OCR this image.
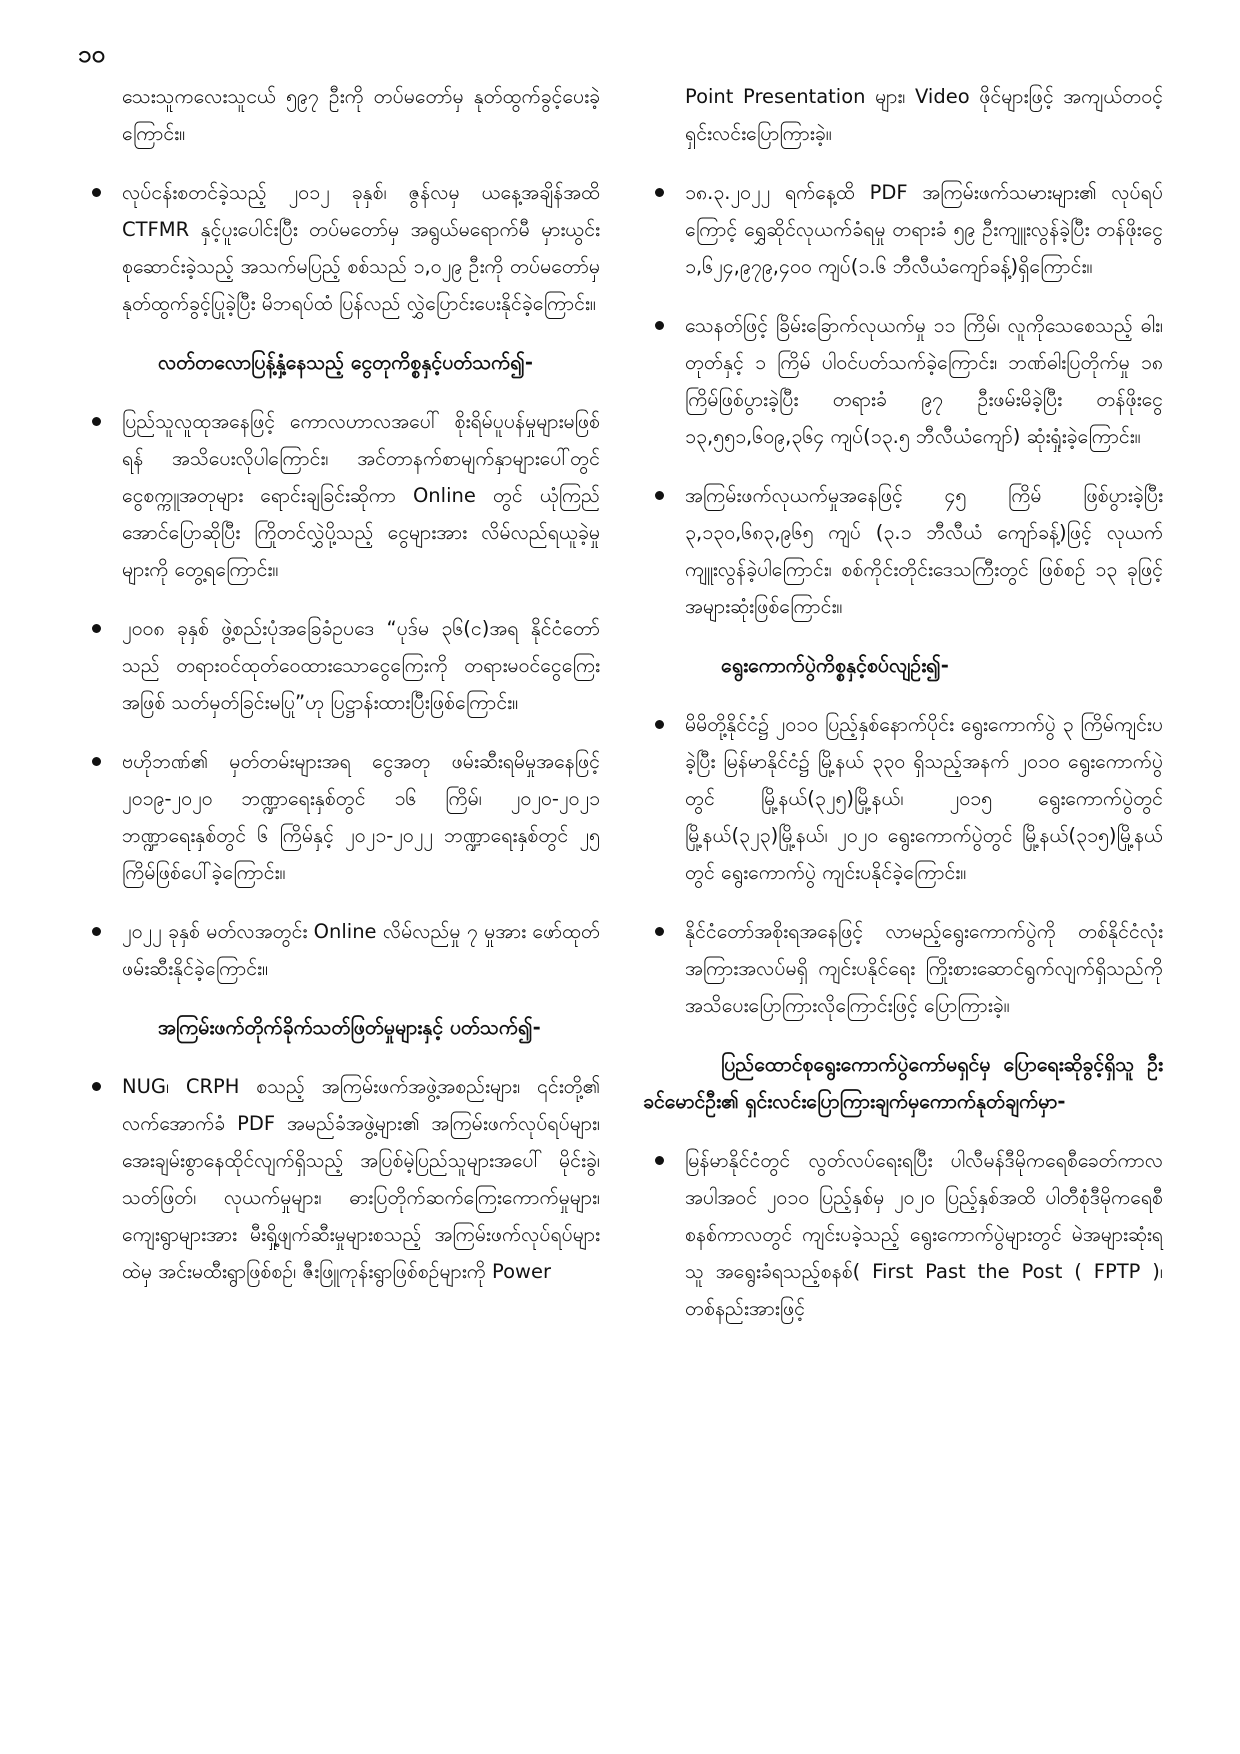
၁၀
သေးသူကလေးသူငယ် ၅၉၇ ဦးကို တပ်မတော်မှ နုတ်ထွက်ခွင့်ပေးခဲ့ကြောင်း။
လုပ်ငန်းစတင်ခဲ့သည့် ၂၀၁၂ ခုနှစ်၊ ဇွန်လမှ ယနေ့အချိန်အထိ CTFMR နှင့်ပူးပေါင်းပြီး တပ်မတော်မှ အရွယ်မရောက်မီ မှားယွင်းစုဆောင်းခဲ့သည့် အသက်မပြည့် စစ်သည် ၁,၀၂၉ ဦးကို တပ်မတော်မှ နုတ်ထွက်ခွင့်ပြုခဲ့ပြီး မိဘရပ်ထံ ပြန်လည် လွှဲပြောင်းပေးနိုင်ခဲ့ကြောင်း။
လတ်တလောပြန့်နှံ့နေသည့် ငွေတုကိစ္စနှင့်ပတ်သက်၍-
ပြည်သူလူထုအနေဖြင့် ကောလဟာလအပေါ် စိုးရိမ်ပူပန်မှုများမဖြစ်ရန် အသိပေးလိုပါကြောင်း၊ အင်တာနက်စာမျက်နှာများပေါ်တွင် ငွေစက္ကူအတုများ ရောင်းချခြင်းဆိုကာ Online တွင် ယုံကြည်အောင်ပြောဆိုပြီး ကြိုတင်လွှဲပို့သည့် ငွေများအား လိမ်လည်ရယူခဲ့မှုများကို တွေ့ရကြောင်း။
၂၀၀၈ ခုနှစ် ဖွဲ့စည်းပုံအခြေခံဥပဒေ “ပုဒ်မ ၃၆(င)အရ နိုင်ငံတော်သည် တရားဝင်ထုတ်ဝေထားသောငွေကြေးကို တရားမဝင်ငွေကြေးအဖြစ် သတ်မှတ်ခြင်းမပြု”ဟု ပြဋ္ဌာန်းထားပြီးဖြစ်ကြောင်း။
ဗဟိုဘဏ်၏ မှတ်တမ်းများအရ ငွေအတု ဖမ်းဆီးရမိမှုအနေဖြင့် ၂၀၁၉-၂၀၂၀ ဘဏ္ဍာရေးနှစ်တွင် ၁၆ ကြိမ်၊ ၂၀၂၀-၂၀၂၁ ဘဏ္ဍာရေးနှစ်တွင် ၆ ကြိမ်နှင့် ၂၀၂၁-၂၀၂၂ ဘဏ္ဍာရေးနှစ်တွင် ၂၅ ကြိမ်ဖြစ်ပေါ်ခဲ့ကြောင်း။
၂၀၂၂ ခုနှစ် မတ်လအတွင်း Online လိမ်လည်မှု ၇ မှုအား ဖော်ထုတ်ဖမ်းဆီးနိုင်ခဲ့ကြောင်း။
အကြမ်းဖက်တိုက်ခိုက်သတ်ဖြတ်မှုများနှင့် ပတ်သက်၍-
NUG၊ CRPH စသည့် အကြမ်းဖက်အဖွဲ့အစည်းများ၊ ၎င်းတို့၏ လက်အောက်ခံ PDF အမည်ခံအဖွဲ့များ၏ အကြမ်းဖက်လုပ်ရပ်များ၊ အေးချမ်းစွာနေထိုင်လျက်ရှိသည့် အပြစ်မဲ့ပြည်သူများအပေါ် မိုင်းခွဲ၊ သတ်ဖြတ်၊ လုယက်မှုများ၊ ဓားပြတိုက်ဆက်ကြေးကောက်မှုများ၊ ကျေးရွာများအား မီးရှို့ဖျက်ဆီးမှုများစသည့် အကြမ်းဖက်လုပ်ရပ်များထဲမှ အင်းမထီးရွာဖြစ်စဉ်၊ ဇီးဖြူကုန်းရွာဖြစ်စဉ်များကို Power
Point Presentation များ၊ Video ဖိုင်များဖြင့် အကျယ်တဝင့်ရှင်းလင်းပြောကြားခဲ့။
၁၈.၃.၂၀၂၂ ရက်နေ့ထိ PDF အကြမ်းဖက်သမားများ၏ လုပ်ရပ်ကြောင့် ရွှေဆိုင်လုယက်ခံရမှု တရားခံ ၅၉ ဦးကျူးလွန်ခဲ့ပြီး တန်ဖိုးငွေ ၁,၆၂၄,၉၇၉,၄၀၀ ကျပ်(၁.၆ ဘီလီယံကျော်ခန့်)ရှိကြောင်း။
သေနတ်ဖြင့် ခြိမ်းခြောက်လုယက်မှု ၁၁ ကြိမ်၊ လူကိုသေစေသည့် ဓါး၊ တုတ်နှင့် ၁ ကြိမ် ပါဝင်ပတ်သက်ခဲ့ကြောင်း၊ ဘဏ်ဓါးပြတိုက်မှု ၁၈ ကြိမ်ဖြစ်ပွားခဲ့ပြီး တရားခံ ၉၇ ဦးဖမ်းမိခဲ့ပြီး တန်ဖိုးငွေ ၁၃,၅၅၁,၆၀၉,၃၆၄ ကျပ်(၁၃.၅ ဘီလီယံကျော်) ဆုံးရှုံးခဲ့ကြောင်း။
အကြမ်းဖက်လုယက်မှုအနေဖြင့် ၄၅ ကြိမ် ဖြစ်ပွားခဲ့ပြီး ၃,၁၃၀,၆၈၃,၉၆၅ ကျပ် (၃.၁ ဘီလီယံ ကျော်ခန့်)ဖြင့် လုယက်ကျူးလွန်ခဲ့ပါကြောင်း၊ စစ်ကိုင်းတိုင်းဒေသကြီးတွင် ဖြစ်စဉ် ၁၃ ခုဖြင့် အများဆုံးဖြစ်ကြောင်း။
ရွေးကောက်ပွဲကိစ္စနှင့်စပ်လျဉ်း၍-
မိမိတို့နိုင်ငံ၌ ၂၀၁၀ ပြည့်နှစ်နောက်ပိုင်း ရွေးကောက်ပွဲ ၃ ကြိမ်ကျင်းပခဲ့ပြီး မြန်မာနိုင်ငံ၌ မြို့နယ် ၃၃၀ ရှိသည့်အနက် ၂၀၁၀ ရွေးကောက်ပွဲတွင် မြို့နယ်(၃၂၅)မြို့နယ်၊ ၂၀၁၅ ရွေးကောက်ပွဲတွင် မြို့နယ်(၃၂၃)မြို့နယ်၊ ၂၀၂၀ ရွေးကောက်ပွဲတွင် မြို့နယ်(၃၁၅)မြို့နယ်တွင် ရွေးကောက်ပွဲ ကျင်းပနိုင်ခဲ့ကြောင်း။
နိုင်ငံတော်အစိုးရအနေဖြင့် လာမည့်ရွေးကောက်ပွဲကို တစ်နိုင်ငံလုံး အကြားအလပ်မရှိ ကျင်းပနိုင်ရေး ကြိုးစားဆောင်ရွက်လျက်ရှိသည်ကို အသိပေးပြောကြားလိုကြောင်းဖြင့် ပြောကြားခဲ့။
ပြည်ထောင်စုရွေးကောက်ပွဲကော်မရှင်မှ ပြောရေးဆိုခွင့်ရှိသူ ဦးခင်မောင်ဦး၏ ရှင်းလင်းပြောကြားချက်မှကောက်နုတ်ချက်မှာ-
မြန်မာနိုင်ငံတွင် လွတ်လပ်ရေးရပြီး ပါလီမန်ဒီမိုကရေစီခေတ်ကာလအပါအဝင် ၂၀၁၀ ပြည့်နှစ်မှ ၂၀၂၀ ပြည့်နှစ်အထိ ပါတီစုံဒီမိုကရေစီစနစ်ကာလတွင် ကျင်းပခဲ့သည့် ရွေးကောက်ပွဲများတွင် မဲအများဆုံးရသူ အရွေးခံရသည့်စနစ်( First Past the Post ( FPTP )၊ တစ်နည်းအားဖြင့်
